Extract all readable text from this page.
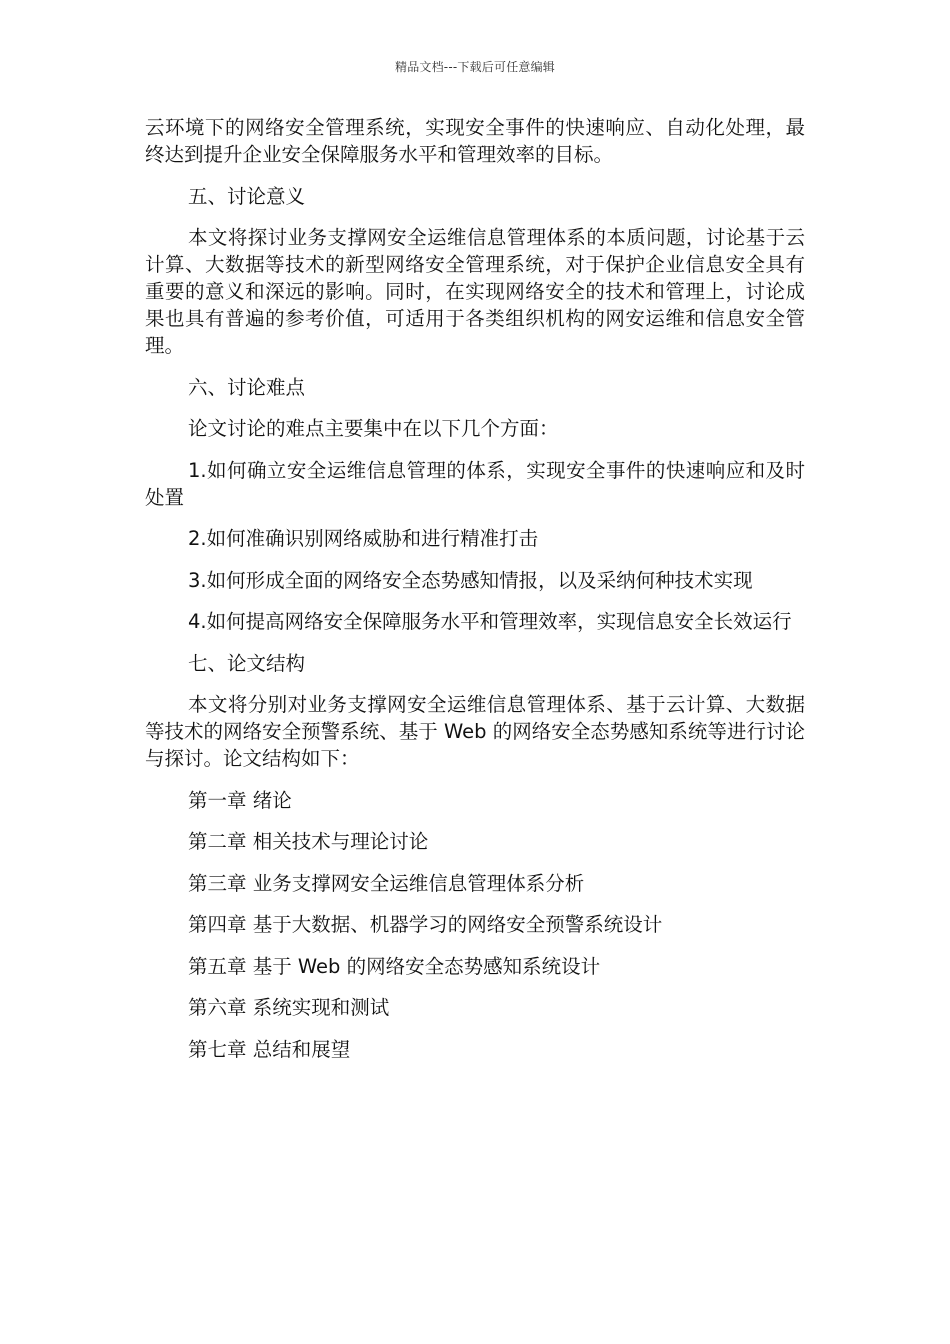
精品文档---下载后可任意编辑

云环境下的网络安全管理系统，实现安全事件的快速响应、自动化处理，最终达到提升企业安全保障服务水平和管理效率的目标。

五、讨论意义

本文将探讨业务支撑网安全运维信息管理体系的本质问题，讨论基于云计算、大数据等技术的新型网络安全管理系统，对于保护企业信息安全具有重要的意义和深远的影响。同时，在实现网络安全的技术和管理上，讨论成果也具有普遍的参考价值，可适用于各类组织机构的网安运维和信息安全管理。

六、讨论难点

论文讨论的难点主要集中在以下几个方面：

1.如何确立安全运维信息管理的体系，实现安全事件的快速响应和及时处置

2.如何准确识别网络威胁和进行精准打击

3.如何形成全面的网络安全态势感知情报，以及采纳何种技术实现

4.如何提高网络安全保障服务水平和管理效率，实现信息安全长效运行

七、论文结构

本文将分别对业务支撑网安全运维信息管理体系、基于云计算、大数据等技术的网络安全预警系统、基于 Web 的网络安全态势感知系统等进行讨论与探讨。论文结构如下：

第一章 绪论

第二章 相关技术与理论讨论

第三章 业务支撑网安全运维信息管理体系分析

第四章 基于大数据、机器学习的网络安全预警系统设计

第五章 基于 Web 的网络安全态势感知系统设计

第六章 系统实现和测试

第七章 总结和展望
